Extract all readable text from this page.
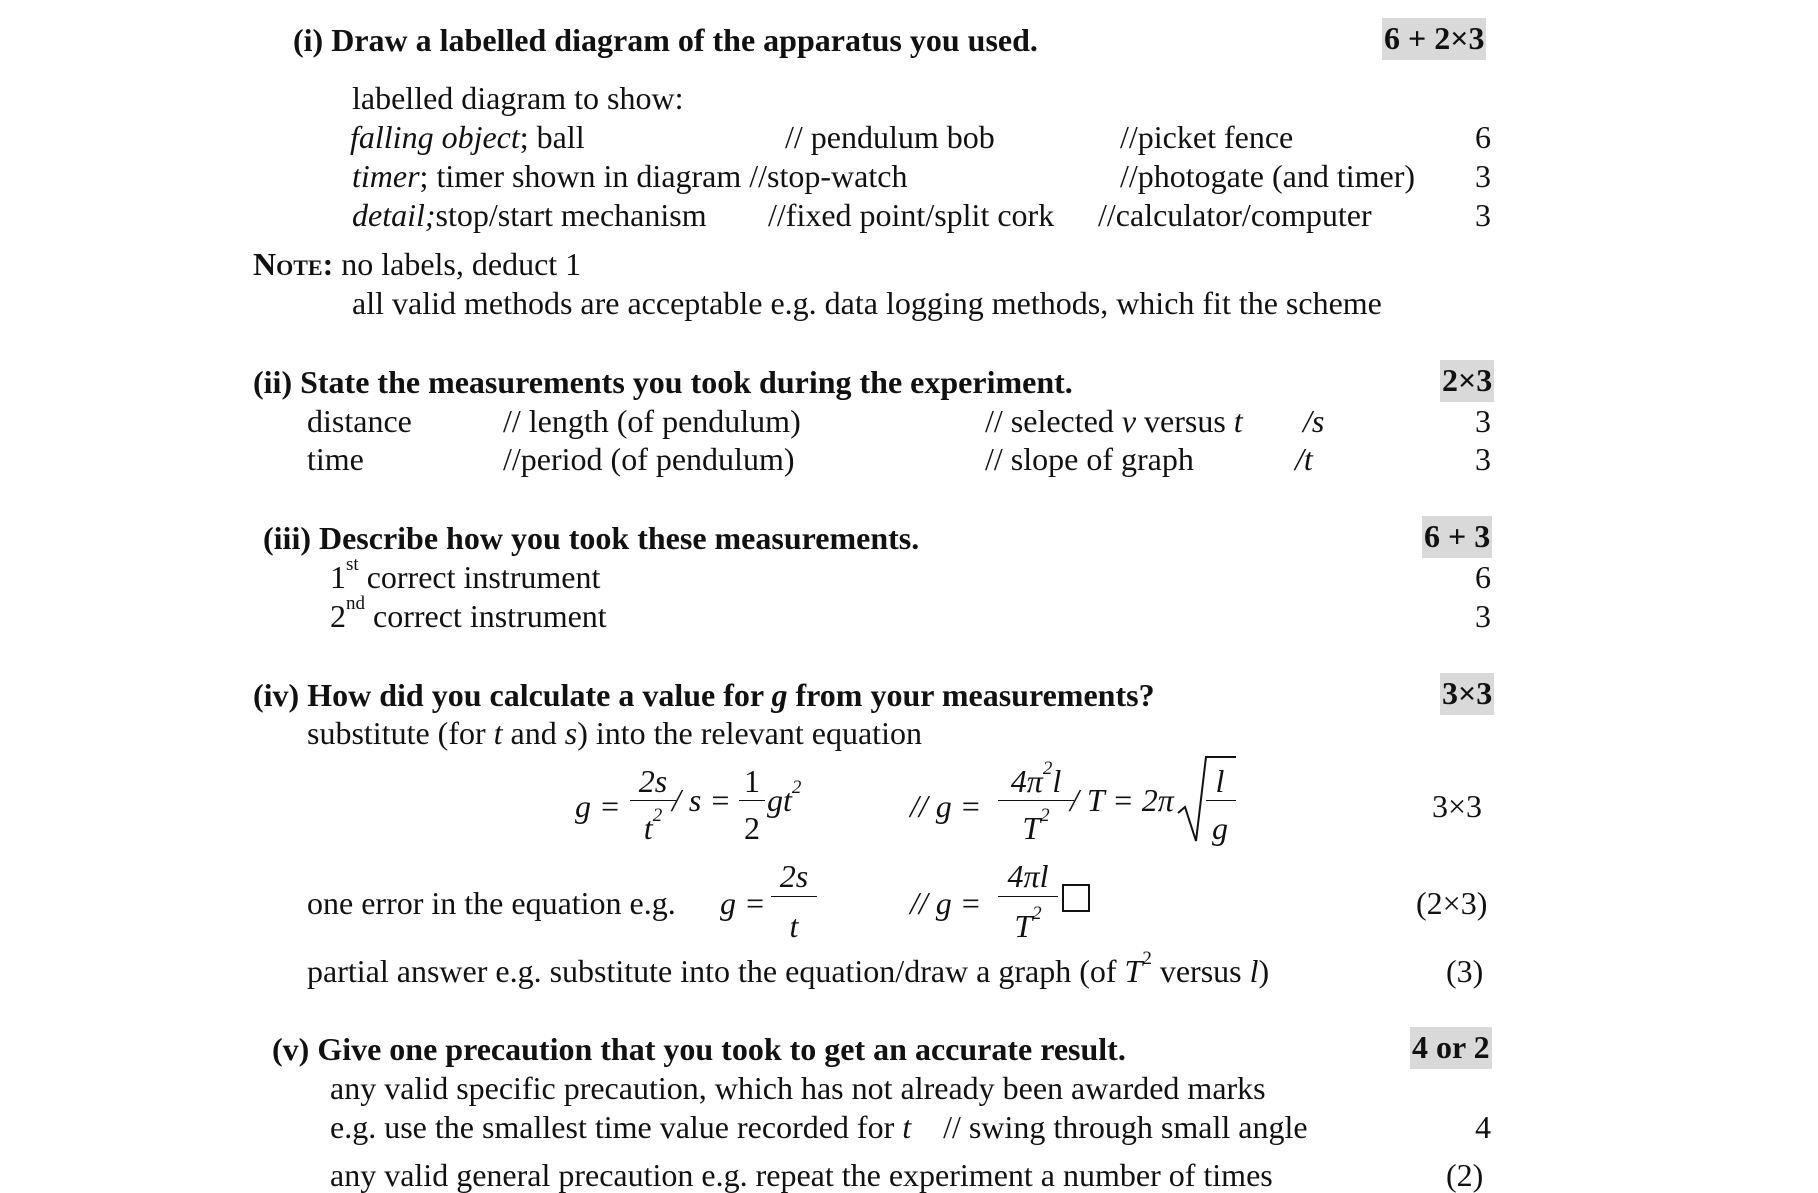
(i) Draw a labelled diagram of the apparatus you used.	6 + 2×3
labelled diagram to show:
falling object; ball	// pendulum bob	//picket fence	6
timer; timer shown in diagram //stop-watch	//photogate (and timer) 3
detail;stop/start mechanism //fixed point/split cork //calculator/computer	3
Note: no labels, deduct 1
all valid methods are acceptable e.g. data logging methods, which fit the scheme
(ii) State the measurements you took during the experiment.	2×3
distance	// length (of pendulum)	// selected v versus t /s	3
time	//period (of pendulum)	// slope of graph	/t	3
(iii) Describe how you took these measurements.	6 + 3
1st correct instrument	6
2nd correct instrument	3
(iv) How did you calculate a value for g from your measurements?	3×3
substitute (for t and s) into the relevant equation
g =
2s
$t^2$ / s =
1
2
$gt^2$
// g =
$4\pi^2l$
$T^2 / T = 2\pi$
l
g
3×3
one error in the equation e.g. g =
2s
t
// g =
4πl
$T^2$	(2×3)
partial answer e.g. substitute into the equation/draw a graph (of $T^2$ versus l)	(3)
(v) Give one precaution that you took to get an accurate result.	4 or 2
any valid specific precaution, which has not already been awarded marks
e.g. use the smallest time value recorded for t    // swing through small angle	4
any valid general precaution e.g. repeat the experiment a number of times	(2)
